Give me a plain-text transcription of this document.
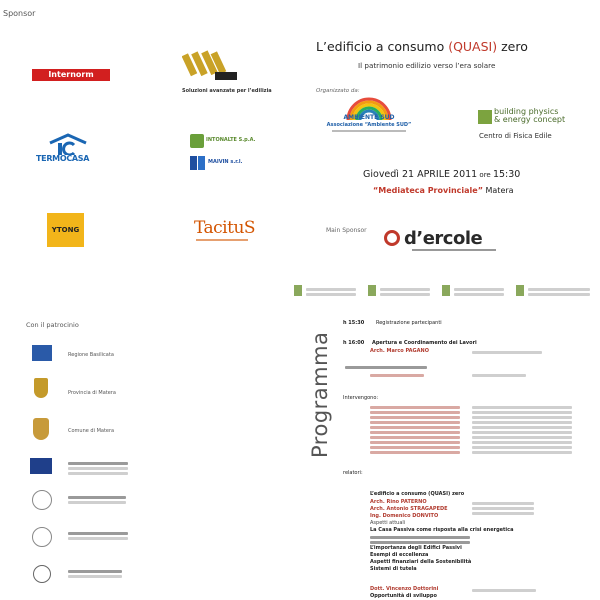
Sponsor
Internorm
Soluzioni avanzate per l’edilizia
TERMOCASA
INTONALTE S.p.A.
MAIVIN s.r.l.
YTONG	TacituS
L’edificio a consumo (QUASI) zero
Il patrimonio edilizio verso l’era solare
Organizzato da:
AMBIENTE SUD
Associazione “Ambiente SUD”
building physics
& energy concept
Centro di Fisica Edile
Giovedì 21 APRILE 2011 ore 15:30
“Mediateca Provinciale” Matera
Main Sponsor d’ercole
Con il patrocinio
Regione Basilicata
Provincia di Matera
Comune di Matera	Programma
h 15:30 Registrazione partecipanti
h 16:00 Apertura e Coordinamento dei Lavori
Arch. Marco PAGANO
Intervengono:
relatori:
L’edificio a consumo (QUASI) zero
Arch. Rino PATERNO
Arch. Antonio STRAGAPEDE
Ing. Domenico DONVITO
Aspetti attuali
La Casa Passiva come risposta alla crisi energetica
L’importanza degli Edifici Passivi
Esempi di eccellenza
Aspetti finanziari della Sostenibilità
Sistemi di tutela
Dott. Vincenzo Dottorini
Opportunità di sviluppo
